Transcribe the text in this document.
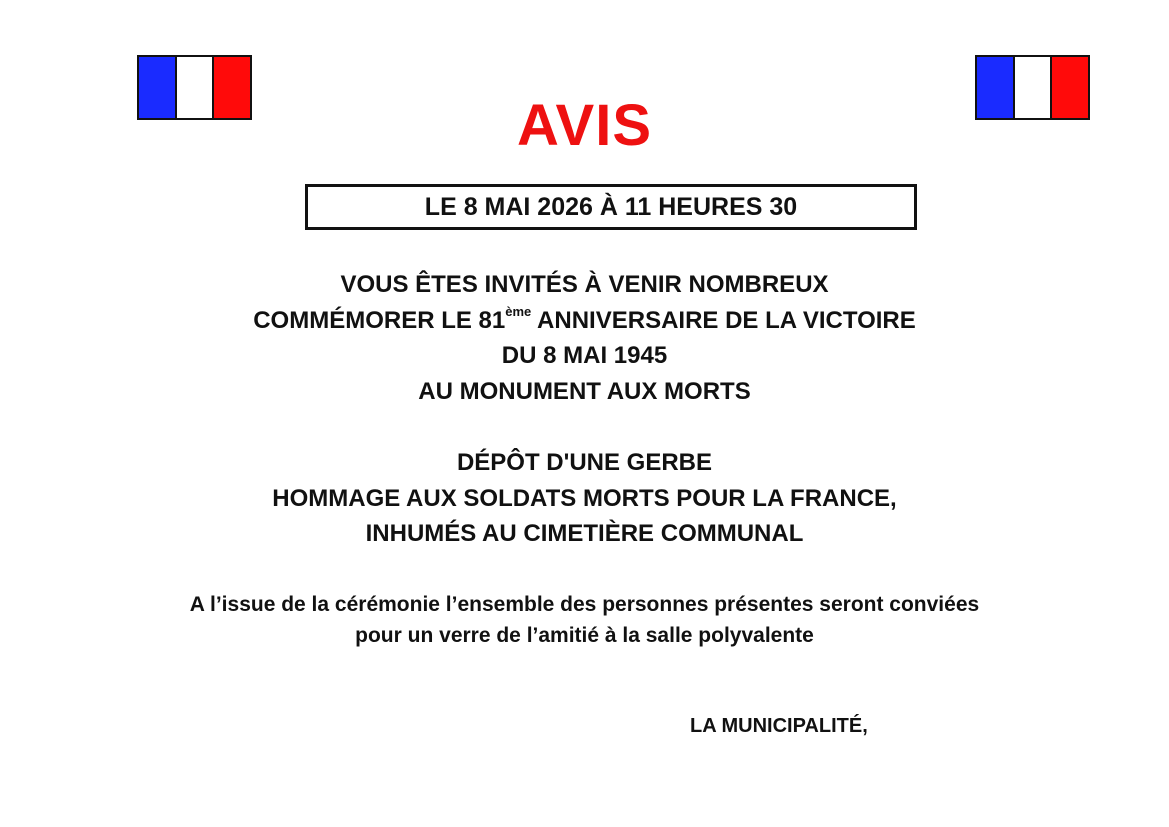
AVIS
LE 8 MAI 2026 À 11 HEURES 30
VOUS ÊTES INVITÉS À VENIR NOMBREUX
COMMÉMORER LE 81ème ANNIVERSAIRE DE LA VICTOIRE
DU 8 MAI 1945
AU MONUMENT AUX MORTS
DÉPÔT D'UNE GERBE
HOMMAGE AUX SOLDATS MORTS POUR LA FRANCE,
INHUMÉS AU CIMETIÈRE COMMUNAL
A l’issue de la cérémonie l’ensemble des personnes présentes seront conviées
pour un verre de l’amitié à la salle polyvalente
LA MUNICIPALITÉ,
